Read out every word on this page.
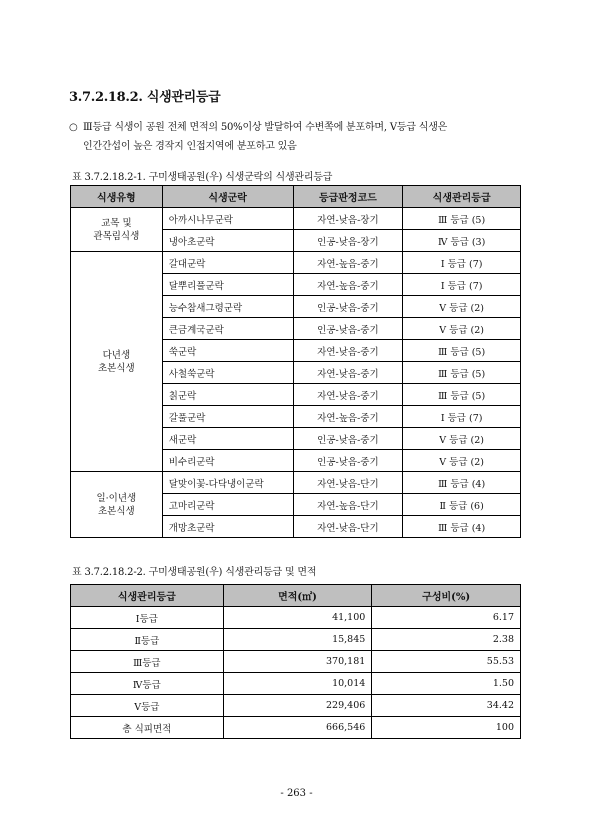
3.7.2.18.2. 식생관리등급
○ Ⅲ등급 식생이 공원 전체 면적의 50%이상 발달하여 수변쪽에 분포하며, Ⅴ등급 식생은
인간간섭이 높은 경작지 인접지역에 분포하고 있음
표 3.7.2.18.2-1. 구미생태공원(우) 식생군락의 식생관리등급
식생유형	식생군락	등급판정코드	식생관리등급
교목 및
관목림식생	아까시나무군락	자연-낮음-장기	Ⅲ 등급 (5)
	냉아초군락	인공-낮음-장기	Ⅳ 등급 (3)
다년생
초본식생	갈대군락	자연-높음-중기	Ⅰ 등급 (7)
	달뿌리풀군락	자연-높음-중기	Ⅰ 등급 (7)
	능수참새그령군락	인공-낮음-중기	Ⅴ 등급 (2)
	큰금계국군락	인공-낮음-중기	Ⅴ 등급 (2)
	쑥군락	자연-낮음-중기	Ⅲ 등급 (5)
	사철쑥군락	자연-낮음-중기	Ⅲ 등급 (5)
	칡군락	자연-낮음-중기	Ⅲ 등급 (5)
	갈풀군락	자연-높음-중기	Ⅰ 등급 (7)
	새군락	인공-낮음-중기	Ⅴ 등급 (2)
	비수리군락	인공-낮음-중기	Ⅴ 등급 (2)
일·이년생
초본식생	달맞이꽃-다닥냉이군락	자연-낮음-단기	Ⅲ 등급 (4)
	고마리군락	자연-높음-단기	Ⅱ 등급 (6)
	개망초군락	자연-낮음-단기	Ⅲ 등급 (4)
표 3.7.2.18.2-2. 구미생태공원(우) 식생관리등급 및 면적
식생관리등급	면적(㎡)	구성비(%)
Ⅰ등급	41,100	6.17
Ⅱ등급	15,845	2.38
Ⅲ등급	370,181	55.53
Ⅳ등급	10,014	1.50
Ⅴ등급	229,406	34.42
총 식피면적	666,546	100
- 263 -
